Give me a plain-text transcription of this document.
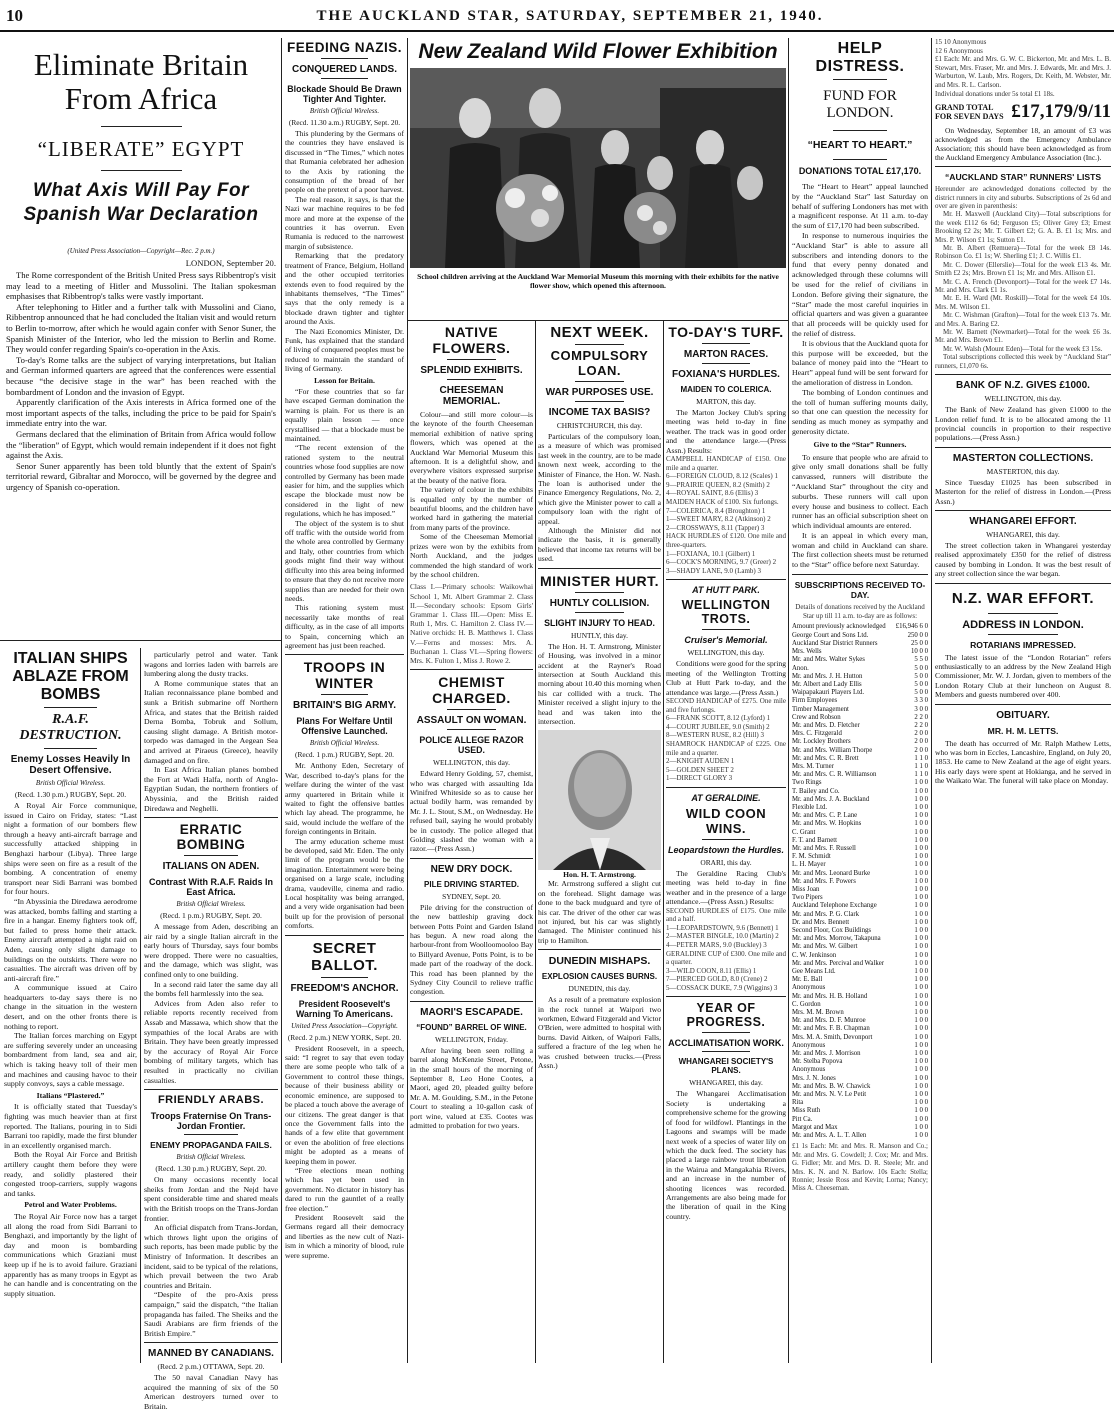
10	THE AUCKLAND STAR, SATURDAY, SEPTEMBER 21, 1940.
Eliminate Britain From Africa
“LIBERATE” EGYPT
What Axis Will Pay For Spanish War Declaration
(United Press Association—Copyright—Rec. 2 p.m.)
LONDON, September 20.

The Rome correspondent of the British United Press says Ribbentrop's visit may lead to a meeting of Hitler and Mussolini. The Italian spokesman emphasises that Ribbentrop's talks were vastly important.

After telephoning to Hitler and a further talk with Mussolini and Ciano, Ribbentrop announced that he had concluded the Italian visit and would return to Berlin to-morrow, after which he would again confer with Senor Suner, the Spanish Minister of the Interior, who led the mission to Berlin and Rome. They would confer regarding Spain's co-operation in the Axis.

To-day's Rome talks are the subject of varying interpretations, but Italian and German informed quarters are agreed that the conferences were essential because “the decisive stage in the war” has been reached with the bombardment of London and the invasion of Egypt.

Apparently clarification of the Axis interests in Africa formed one of the most important aspects of the talks, including the price to be paid for Spain's immediate entry into the war.

Germans declared that the elimination of Britain from Africa would follow the “liberation” of Egypt, which would remain independent if it does not fight against the Axis.

Senor Suner apparently has been told bluntly that the extent of Spain's territorial reward, Gibraltar and Morocco, will be governed by the degree and urgency of Spanish co-operation.

ITALIAN SHIPS ABLAZE FROM BOMBS
R.A.F. DESTRUCTION.
Enemy Losses Heavily In Desert Offensive.
British Official Wireless.
(Recd. 1.30 p.m.) RUGBY, Sept. 20.

A Royal Air Force communique, issued in Cairo on Friday, states: “Last night a formation of our bombers flew through a heavy anti-aircraft barrage and successfully attacked shipping in Benghazi harbour (Libya). Three large ships were seen on fire as a result of the bombing. A concentration of enemy transport near Sidi Barrani was bombed for four hours.

“In Abyssinia the Diredawa aerodrome was attacked, bombs falling and starting a fire in a hangar. Enemy fighters took off, but failed to press home their attack. Enemy aircraft attempted a night raid on Aden, causing only slight damage to buildings on the outskirts. There were no casualties. The aircraft was driven off by anti-aircraft fire.”

A communique issued at Cairo headquarters to-day says there is no change in the situation in the western desert, and on the other fronts there is nothing to report.

The Italian forces marching on Egypt are suffering severely under an unceasing bombardment from land, sea and air, which is taking heavy toll of their men and machines and causing havoc to their supply convoys, says a cable message.

Italians “Plastered.”

It is officially stated that Tuesday's fighting was much heavier than at first reported. The Italians, pouring in to Sidi Barrani too rapidly, made the first blunder in an excellently organised march.

Both the Royal Air Force and British artillery caught them before they were ready, and solidly plastered their congested troop-carriers, supply wagons and tanks.

Petrol and Water Problems.

The Royal Air Force now has a target all along the road from Sidi Barrani to Benghazi, and importantly by the light of day and moon is bombarding communications which Graziani must keep up if he is to avoid failure. Graziani apparently has as many troops in Egypt as he can handle and is concentrating on the supply situation.

particularly petrol and water. Tank wagons and lorries laden with barrels are lumbering along the dusty tracks.

A Rome communique states that an Italian reconnaissance plane bombed and sunk a British submarine off Northern Africa, and states that the British raided Derna Bomba, Tobruk and Sollum, causing slight damage. A British motor-torpedo was damaged in the Aegean Sea and arrived at Piraeus (Greece), heavily damaged and on fire.

In East Africa Italian planes bombed the Fort at Wadi Halfa, north of Anglo-Egyptian Sudan, the northern frontiers of Abyssinia, and the British raided Diredawa and Neghelli.

ERRATIC BOMBING
ITALIANS ON ADEN.
Contrast With R.A.F. Raids In East Africa.
British Official Wireless.
(Recd. 1 p.m.) RUGBY, Sept. 20.

A message from Aden, describing an air raid by a single Italian aircraft in the early hours of Thursday, says four bombs were dropped. There were no casualties, and the damage, which was slight, was confined only to one building.

In a second raid later the same day all the bombs fell harmlessly into the sea.

Advices from Aden also refer to reliable reports recently received from Assab and Massawa, which show that the sympathies of the local Arabs are with Britain. They have been greatly impressed by the accuracy of Royal Air Force bombing of military targets, which has resulted in practically no civilian casualties.

FRIENDLY ARABS.
Troops Fraternise On Trans-Jordan Frontier.
ENEMY PROPAGANDA FAILS.
British Official Wireless.
(Recd. 1.30 p.m.) RUGBY, Sept. 20.

On many occasions recently local sheiks from Jordan and the Nejd have spent considerable time and shared meals with the British troops on the Trans-Jordan frontier.

An official dispatch from Trans-Jordan, which throws light upon the origins of such reports, has been made public by the Ministry of Information. It describes an incident, said to be typical of the relations, which prevail between the two Arab countries and Britain.

“Despite of the pro-Axis press campaign,” said the dispatch, “the Italian propaganda has failed. The Sheiks and the Saudi Arabians are firm friends of the British Empire.”

MANNED BY CANADIANS.
(Recd. 2 p.m.) OTTAWA, Sept. 20.

The 50 naval Canadian Navy has acquired the manning of six of the 50 American destroyers turned over to Britain.

FEEDING NAZIS.
CONQUERED LANDS.
Blockade Should Be Drawn Tighter And Tighter.
British Official Wireless.
(Recd. 11.30 a.m.) RUGBY, Sept. 20.

This plundering by the Germans of the countries they have enslaved is discussed in “The Times,” which notes that Rumania celebrated her adhesion to the Axis by rationing the consumption of the bread of her people on the pretext of a poor harvest.

The real reason, it says, is that the Nazi war machine requires to be fed more and more at the expense of the countries it has overrun. Even Rumania is reduced to the narrowest margin of subsistence.

Remarking that the predatory treatment of France, Belgium, Holland and the other occupied territories extends even to food required by the inhabitants themselves, “The Times” says that the only remedy is a blockade drawn tighter and tighter around the Axis.

The Nazi Economics Minister, Dr. Funk, has explained that the standard of living of conquered peoples must be reduced to maintain the standard of living of Germany.

Lesson for Britain.

“For these countries that so far have escaped German domination the warning is plain. For us there is an equally plain lesson — once crystallised — that a blockade must be maintained.

“The recent extension of the rationed system to the neutral countries whose food supplies are now controlled by Germany has been made easier for him, and the supplies which escape the blockade must now be considered in the light of new regulations, which he has imposed.”

The object of the system is to shut off traffic with the outside world from the whole area controlled by Germany and Italy, other countries from which goods might find their way without difficulty into this area being informed to ensure that they do not receive more supplies than are needed for their own needs.

This rationing system must necessarily take months of real difficulty, as in the case of all imports to Spain, concerning which an agreement has just been reached.

TROOPS IN WINTER
BRITAIN'S BIG ARMY.
Plans For Welfare Until Offensive Launched.
British Official Wireless.
(Recd. 1 p.m.) RUGBY, Sept. 20.

Mr. Anthony Eden, Secretary of War, described to-day's plans for the welfare during the winter of the vast army quartered in Britain while it waited to fight the offensive battles which lay ahead. The programme, he said, would include the welfare of the foreign contingents in Britain.

The army education scheme must be developed, said Mr. Eden. The only limit of the program would be the imagination. Entertainment were being organised on a large scale, including drama, vaudeville, cinema and radio. Local hospitality was being arranged, and a very wide organisation had been built up for the provision of personal comforts.

SECRET BALLOT.
FREEDOM'S ANCHOR.
President Roosevelt's Warning To Americans.
United Press Association—Copyright.
(Recd. 2 p.m.) NEW YORK, Sept. 20.

President Roosevelt, in a speech, said: “I regret to say that even today there are some people who talk of a Government to control these things, because of their business ability or economic eminence, are supposed to be placed a touch above the average of our citizens. The great danger is that once the Government falls into the hands of a few elite that government or even the abolition of free elections might be adopted as a means of keeping them in power.

“Free elections mean nothing which has yet been used in government. No dictator in history has dared to run the gauntlet of a really free election.”

President Roosevelt said the Germans regard all their democracy and liberties as the new cult of Nazi-ism in which a minority of blood, rule were supreme.

New Zealand Wild Flower Exhibition
School children arriving at the Auckland War Memorial Museum this morning with their exhibits for the native flower show, which opened this afternoon.
NATIVE FLOWERS.
SPLENDID EXHIBITS.
CHEESEMAN MEMORIAL.

Colour—and still more colour—is the keynote of the fourth Cheeseman memorial exhibition of native spring flowers, which was opened at the Auckland War Memorial Museum this afternoon. It is a delightful show, and everywhere visitors expressed surprise at the beauty of the native flora.

The variety of colour in the exhibits is equalled only by the number of beautiful blooms, and the children have worked hard in gathering the material from many parts of the province.

Some of the Cheeseman Memorial prizes were won by the exhibits from North Auckland, and the judges commended the high standard of work by the school children.

Class I.—Primary schools: Waikowhai School 1, Mt. Albert Grammar 2. Class II.—Secondary schools: Epsom Girls' Grammar 1. Class III.—Open: Miss E. Ruth 1, Mrs. C. Hamilton 2. Class IV.—Native orchids: H. B. Matthews 1. Class V.—Ferns and mosses: Mrs. A. Buchanan 1. Class VI.—Spring flowers: Mrs. K. Fulton 1, Miss J. Rowe 2.
CHEMIST CHARGED.
ASSAULT ON WOMAN.
POLICE ALLEGE RAZOR USED.
WELLINGTON, this day.

Edward Henry Golding, 57, chemist, who was charged with assaulting Ida Winifred Whiteside so as to cause her actual bodily harm, was remanded by Mr. J. L. Stout, S.M., on Wednesday. He refused bail, saying he would probably be in custody. The police alleged that Golding slashed the woman with a razor.—(Press Assn.)

NEW DRY DOCK.
PILE DRIVING STARTED.
SYDNEY, Sept. 20.

Pile driving for the construction of the new battleship graving dock between Potts Point and Garden Island has begun. A new road along the harbour-front from Woolloomooloo Bay to Billyard Avenue, Potts Point, is to be made part of the roadway of the dock. This road has been planned by the Sydney City Council to relieve traffic congestion.

MAORI'S ESCAPADE.
“FOUND” BARREL OF WINE.
WELLINGTON, Friday.

After having been seen rolling a barrel along McKenzie Street, Petone, in the small hours of the morning of September 8, Leo Hone Cootes, a Maori, aged 20, pleaded guilty before Mr. A. M. Goulding, S.M., in the Petone Court to stealing a 10-gallon cask of port wine, valued at £35. Cootes was admitted to probation for two years.

NEXT WEEK.
COMPULSORY LOAN.
WAR PURPOSES USE.
INCOME TAX BASIS?
CHRISTCHURCH, this day.

Particulars of the compulsory loan, as a measure of which was promised last week in the country, are to be made known next week, according to the Minister of Finance, the Hon. W. Nash. The loan is authorised under the Finance Emergency Regulations, No. 2, which give the Minister power to call a compulsory loan with the right of appeal.

Although the Minister did not indicate the basis, it is generally believed that income tax returns will be used.

MINISTER HURT.
HUNTLY COLLISION.
SLIGHT INJURY TO HEAD.
HUNTLY, this day.

The Hon. H. T. Armstrong, Minister of Housing, was involved in a minor accident at the Rayner's Road intersection at South Auckland this morning about 10.40 this morning when his car collided with a truck. The Minister received a slight injury to the head and was taken into the intersection.

Hon. H. T. Armstrong.

Mr. Armstrong suffered a slight cut on the forehead. Slight damage was done to the back mudguard and tyre of his car. The driver of the other car was not injured, but his car was slightly damaged. The Minister continued his trip to Hamilton.

DUNEDIN MISHAPS.
EXPLOSION CAUSES BURNS.
DUNEDIN, this day.

As a result of a premature explosion in the rock tunnel at Waipori two workmen, Edward Fitzgerald and Victor O'Brien, were admitted to hospital with burns. David Aitken, of Waipori Falls, suffered a fracture of the leg when he was crushed between trucks.—(Press Assn.)

TO-DAY'S TURF.
MARTON RACES.
FOXIANA'S HURDLES.
MAIDEN TO COLERICA.
MARTON, this day.

The Marton Jockey Club's spring meeting was held to-day in fine weather. The track was in good order and the attendance large.—(Press Assn.) Results:

CAMPBELL HANDICAP of £150. One mile and a quarter.
6—FOREIGN CLOUD, 8.12 (Scales) 1
9—PRAIRIE QUEEN, 8.2 (Smith) 2
4—ROYAL SAINT, 8.6 (Ellis) 3
MAIDEN HACK of £100. Six furlongs.
7—COLERICA, 8.4 (Broughton) 1
1—SWEET MARY, 8.2 (Atkinson) 2
2—CROSSWAYS, 8.11 (Tapper) 3
HACK HURDLES of £120. One mile and three-quarters.
1—FOXIANA, 10.1 (Gilbert) 1
6—COCK'S MORNING, 9.7 (Greer) 2
3—SHADY LANE, 9.0 (Lamb) 3
AT HUTT PARK.
WELLINGTON TROTS.
Cruiser's Memorial.
WELLINGTON, this day.

Conditions were good for the spring meeting of the Wellington Trotting Club at Hutt Park to-day, and the attendance was large.—(Press Assn.)

SECOND HANDICAP of £275. One mile and five furlongs.
6—FRANK SCOTT, 8.12 (Lyford) 1
4—COURT JUBILEE, 9.0 (Smith) 2
8—WESTERN RUSE, 8.2 (Hill) 3
SHAMROCK HANDICAP of £225. One mile and a quarter.
2—KNIGHT AUDEN 1
5—GOLDEN SHEET 2
1—DIRECT GLORY 3
AT GERALDINE.
WILD COON WINS.
Leopardstown the Hurdles.
ORARI, this day.

The Geraldine Racing Club's meeting was held to-day in fine weather and in the presence of a large attendance.—(Press Assn.) Results:

SECOND HURDLES of £175. One mile and a half.
1—LEOPARDSTOWN, 9.6 (Bennett) 1
2—MASTER BINGLE, 10.0 (Martin) 2
4—PETER MARS, 9.0 (Buckley) 3
GERALDINE CUP of £300. One mile and a quarter.
3—WILD COON, 8.11 (Ellis) 1
7—PIERCED GOLD, 8.0 (Crene) 2
5—COSSACK DUKE, 7.9 (Wiggins) 3
YEAR OF PROGRESS.
ACCLIMATISATION WORK.
WHANGAREI SOCIETY'S PLANS.
WHANGAREI, this day.

The Whangarei Acclimatisation Society is undertaking a comprehensive scheme for the growing of food for wildfowl. Plantings in the Lagoons and swamps will be made next week of a species of water lily on which the duck feed. The society has placed a large rainbow trout liberation in the Wairua and Mangakahia Rivers, and an increase in the number of shooting licences was recorded. Arrangements are also being made for the liberation of quail in the King country.

HELP DISTRESS.
FUND FOR LONDON.
“HEART TO HEART.”
DONATIONS TOTAL £17,170.

The “Heart to Heart” appeal launched by the “Auckland Star” last Saturday on behalf of suffering Londoners has met with a magnificent response. At 11 a.m. to-day the sum of £17,170 had been subscribed.

In response to numerous inquiries the “Auckland Star” is able to assure all subscribers and intending donors to the fund that every penny donated and acknowledged through these columns will be used for the relief of civilians in London. Before giving their signature, the “Star” made the most careful inquiries in official quarters and was given a guarantee that all proceeds will be quickly used for the relief of distress.

It is obvious that the Auckland quota for this purpose will be exceeded, but the balance of money paid into the “Heart to Heart” appeal fund will be sent forward for the amelioration of distress in London.

The bombing of London continues and the toll of human suffering mounts daily, so that one can question the necessity for sending as much money as sympathy and generosity dictate.

Give to the “Star” Runners.

To ensure that people who are afraid to give only small donations shall be fully canvassed, runners will distribute the “Auckland Star” throughout the city and suburbs. These runners will call upon every house and business to collect. Each runner has an official subscription sheet on which individual amounts are entered.

It is an appeal in which every man, woman and child in Auckland can share. The first collection sheets must be returned to the “Star” office before next Saturday.

SUBSCRIPTIONS RECEIVED TO-DAY.
Details of donations received by the Auckland Star up till 11 a.m. to-day are as follows:
Amount previously acknowledged £16,946 6 0
George Court and Sons Ltd.	250 0 0
Auckland Star District Runners	25 0 0
Mrs. Wells	10 0 0
Mr. and Mrs. Walter Sykes	5 5 0
Anon.	5 0 0
Mr. and Mrs. J. H. Hutton	5 0 0
Mr. Albert and Lady Ellis	5 0 0
Waipapakauri Players Ltd.	5 0 0
Firm Employees	3 3 0
Timber Management	3 0 0
Crew and Robson	2 2 0
Mr. and Mrs. D. Fletcher	2 2 0
Mrs. C. Fitzgerald	2 0 0
Mr. Lockley Brothers	2 0 0
Mr. and Mrs. William Thorpe	2 0 0
Mr. and Mrs. C. R. Brett	1 1 0
Mrs. M. Turner	1 1 0
Mr. and Mrs. C. R. Williamson	1 1 0
Two Rings	1 0 0
T. Bailey and Co.	1 0 0
Mr. and Mrs. J. A. Buckland	1 0 0
Flexible Ltd.	1 0 0
Mr. and Mrs. C. P. Lane	1 0 0
Mr. and Mrs. W. Hopkins	1 0 0
C. Grant	1 0 0
F. T. and Barnett	1 0 0
Mr. and Mrs. F. Russell	1 0 0
F. M. Schmidt	1 0 0
L. H. Mayer	1 0 0
Mr. and Mrs. Leonard Burke	1 0 0
Mr. and Mrs. F. Powers	1 0 0
Miss Joan	1 0 0
Two Pipers	1 0 0
Auckland Telephone Exchange	1 0 0
Mr. and Mrs. P. G. Clark	1 0 0
Dr. and Mrs. Bennett	1 0 0
Second Floor, Cox Buildings	1 0 0
Mr. and Mrs. Morrow, Takapuna	1 0 0
Mr. and Mrs. W. Gilbert	1 0 0
C. W. Jenkinson	1 0 0
Mr. and Mrs. Percival and Walker	1 0 0
Gee Means Ltd.	1 0 0
Mr. E. Ball	1 0 0
Anonymous	1 0 0
Mr. and Mrs. H. B. Holland	1 0 0
C. Gordon	1 0 0
Mrs. M. M. Brown	1 0 0
Mr. and Mrs. D. F. Munroe	1 0 0
Mr. and Mrs. F. B. Chapman	1 0 0
Mrs. M. A. Smith, Devonport	1 0 0
Anonymous	1 0 0
Mr. and Mrs. J. Morrison	1 0 0
Mr. Stelba Popova	1 0 0
Anonymous	1 0 0
Mrs. J. N. Jones	1 0 0
Mr. and Mrs. B. W. Chawick	1 0 0
Mr. and Mrs. N. V. Le Petit	1 0 0
Rita	1 0 0
Miss Ruth	1 0 0
Pitt Ca.	1 0 0
Margot and Max	1 0 0
Mr. and Mrs. A. L. T. Allen	1 0 0
£1 1s Each: Mr. and Mrs. R. Manson and Co.; Mr. and Mrs. G. Cowdell; J. Cox; Mr. and Mrs. G. Fidler; Mr. and Mrs. D. R. Steele; Mr. and Mrs. K. N. and N. Barlow. 10s Each: Stella; Ronnie; Jessie Ross and Kevin; Lorna; Nancy; Miss A. Cheeseman.
15 10 Anonymous
12 6 Anonymous
£1 Each: Mr. and Mrs. G. W. C. Bickerton, Mr. and Mrs. L. B. Stewart, Mrs. Fraser, Mr. and Mrs. J. Edwards, Mr. and Mrs. J. Warburton, W. Laub, Mrs. Rogers, Dr. Keith, M. Webster, Mr. and Mrs. R. L. Carlson.
Individual donations under 5s total £1 18s.
GRAND TOTAL FOR SEVEN DAYS £17,179/9/11

On Wednesday, September 18, an amount of £3 was acknowledged as from the Emergency Ambulance Association; this should have been acknowledged as from the Auckland Emergency Ambulance Association (Inc.).

“AUCKLAND STAR” RUNNERS' LISTS
Hereunder are acknowledged donations collected by the district runners in city and suburbs. Subscriptions of 2s 6d and over are given in parenthesis:

Mr. H. Maxwell (Auckland City)—Total subscriptions for the week £112 6s 6d; Ferguson £5; Oliver Grey £3; Ernest Brooking £2 2s; Mr. T. Gilbert £2; G. A. B. £1 1s; Mrs. and Mrs. P. Wilson £1 1s; Sutton £1.

Mr. B. Albert (Remuera)—Total for the week £8 14s. Robinson Co. £1 1s; W. Sherling £1; J. C. Willis £1.

Mr. C. Dower (Ellerslie)—Total for the week £13 4s. Mr. Smith £2 2s; Mrs. Brown £1 1s; Mr. and Mrs. Allison £1.

Mr. C. A. French (Devonport)—Total for the week £7 14s. Mr. and Mrs. Clark £1 1s.

Mr. E. H. Ward (Mt. Roskill)—Total for the week £4 10s. Mrs. M. Wilson £1.

Mr. C. Wishman (Grafton)—Total for the week £13 7s. Mr. and Mrs. A. Baring £2.

Mr. W. Barnett (Newmarket)—Total for the week £6 3s. Mr. and Mrs. Brown £1.

Mr. W. Walsh (Mount Eden)—Total for the week £3 15s.

Total subscriptions collected this week by “Auckland Star” runners, £1,070 6s.

BANK OF N.Z. GIVES £1000.
WELLINGTON, this day.

The Bank of New Zealand has given £1000 to the London relief fund. It is to be allocated among the 11 provincial councils in proportion to their respective populations.—(Press Assn.)

MASTERTON COLLECTIONS.
MASTERTON, this day.

Since Tuesday £1025 has been subscribed in Masterton for the relief of distress in London.—(Press Assn.)

WHANGAREI EFFORT.
WHANGAREI, this day.

The street collection taken in Whangarei yesterday realised approximately £350 for the relief of distress caused by bombing in London. It was the best result of any street collection since the war began.

N.Z. WAR EFFORT.
ADDRESS IN LONDON.
ROTARIANS IMPRESSED.

The latest issue of the “London Rotarian” refers enthusiastically to an address by the New Zealand High Commissioner, Mr. W. J. Jordan, given to members of the London Rotary Club at their luncheon on August 8. Members and guests numbered over 400.

OBITUARY.
MR. H. M. LETTS.

The death has occurred of Mr. Ralph Mathew Letts, who was born in Eccles, Lancashire, England, on July 20, 1853. He came to New Zealand at the age of eight years. His early days were spent at Hokianga, and he served in the Waikato War. The funeral will take place on Monday.
